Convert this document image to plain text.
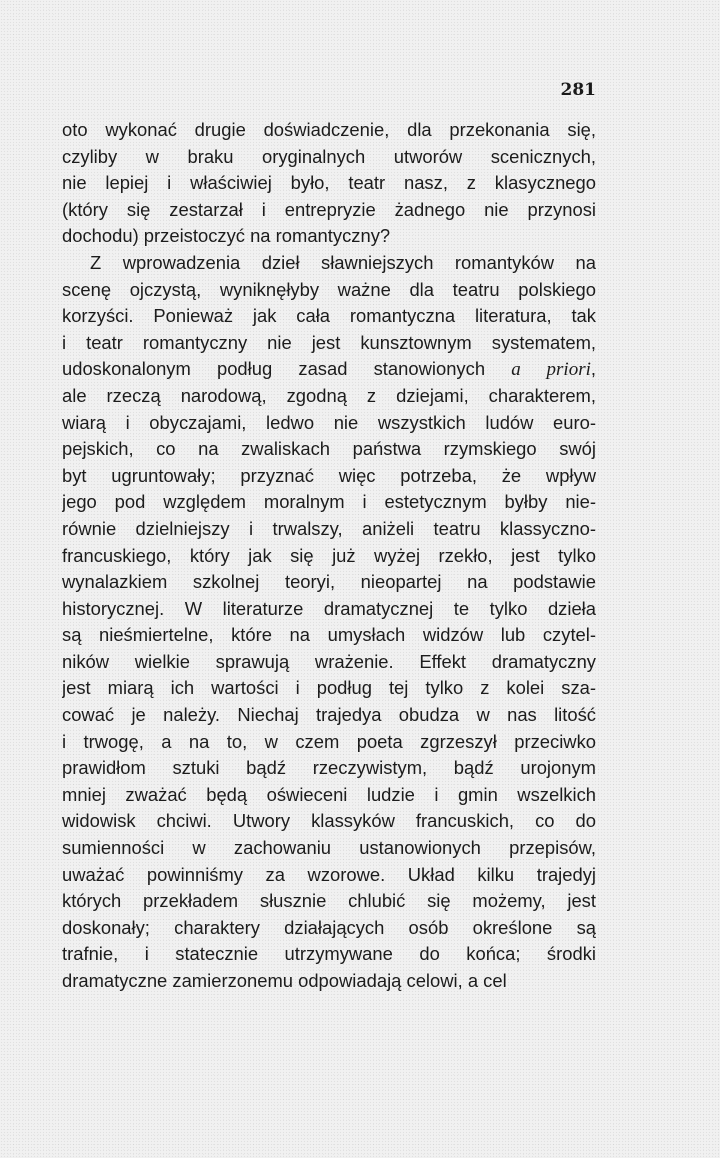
281
oto wykonać drugie doświadczenie, dla przekonania się,
czyliby w braku oryginalnych utworów scenicznych,
nie lepiej i właściwiej było, teatr nasz, z klasycznego
(który się zestarzał i entrepryzie żadnego nie przynosi
dochodu) przeistoczyć na romantyczny?
Z wprowadzenia dzieł sławniejszych romantyków na
scenę ojczystą, wyniknęłyby ważne dla teatru polskiego
korzyści. Ponieważ jak cała romantyczna literatura, tak
i teatr romantyczny nie jest kunsztownym systematem,
udoskonalonym podług zasad stanowionych a priori,
ale rzeczą narodową, zgodną z dziejami, charakterem,
wiarą i obyczajami, ledwo nie wszystkich ludów euro-
pejskich, co na zwaliskach państwa rzymskiego swój
byt ugruntowały; przyznać więc potrzeba, że wpływ
jego pod względem moralnym i estetycznym byłby nie-
równie dzielniejszy i trwalszy, aniżeli teatru klassyczno-
francuskiego, który jak się już wyżej rzekło, jest tylko
wynalazkiem szkolnej teoryi, nieopartej na podstawie
historycznej. W literaturze dramatycznej te tylko dzieła
są nieśmiertelne, które na umysłach widzów lub czytel-
ników wielkie sprawują wrażenie. Effekt dramatyczny
jest miarą ich wartości i podług tej tylko z kolei sza-
cować je należy. Niechaj trajedya obudza w nas litość
i trwogę, a na to, w czem poeta zgrzeszył przeciwko
prawidłom sztuki bądź rzeczywistym, bądź urojonym
mniej zważać będą oświeceni ludzie i gmin wszelkich
widowisk chciwi. Utwory klassyków francuskich, co do
sumienności w zachowaniu ustanowionych przepisów,
uważać powinniśmy za wzorowe. Układ kilku trajedyj
których przekładem słusznie chlubić się możemy, jest
doskonały; charaktery działających osób określone są
trafnie, i statecznie utrzymywane do końca; środki
dramatyczne zamierzonemu odpowiadają celowi, a cel
